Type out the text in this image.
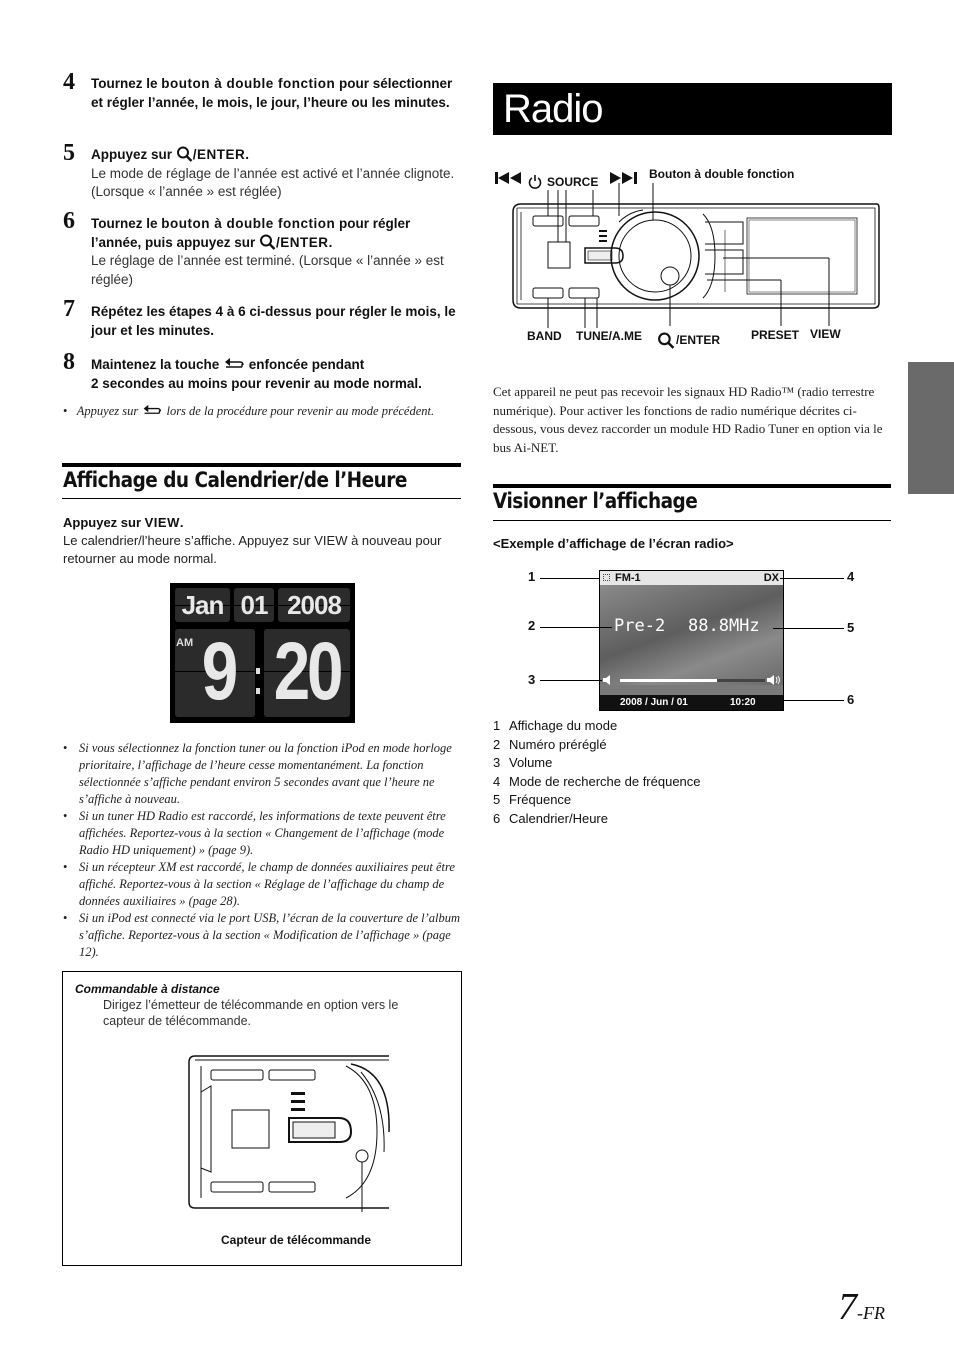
4 Tournez le bouton à double fonction pour sélectionner et régler l’année, le mois, le jour, l’heure ou les minutes.
5 Appuyez sur /ENTER.
Le mode de réglage de l’année est activé et l’année clignote. (Lorsque « l’année » est réglée)
6 Tournez le bouton à double fonction pour régler l’année, puis appuyez sur /ENTER.
Le réglage de l’année est terminé. (Lorsque « l’année » est réglée)
7 Répétez les étapes 4 à 6 ci-dessus pour régler le mois, le jour et les minutes.
8 Maintenez la touche  enfoncée pendant
2 secondes au moins pour revenir au mode normal.
• Appuyez sur  lors de la procédure pour revenir au mode précédent.
Affichage du Calendrier/de l’Heure
Appuyez sur VIEW.
Le calendrier/l’heure s’affiche. Appuyez sur VIEW à nouveau pour retourner au mode normal.
Jan 01 2008
AM 9 20
• Si vous sélectionnez la fonction tuner ou la fonction iPod en mode horloge prioritaire, l’affichage de l’heure cesse momentanément. La fonction sélectionnée s’affiche pendant environ 5 secondes avant que l’heure ne s’affiche à nouveau.
• Si un tuner HD Radio est raccordé, les informations de texte peuvent être affichées. Reportez-vous à la section « Changement de l’affichage (mode Radio HD uniquement) » (page 9).
• Si un récepteur XM est raccordé, le champ de données auxiliaires peut être affiché. Reportez-vous à la section « Réglage de l’affichage du champ de données auxiliaires » (page 28).
• Si un iPod est connecté via le port USB, l’écran de la couverture de l’album s’affiche. Reportez-vous à la section « Modification de l’affichage » (page 12).
Commandable à distance
Dirigez l’émetteur de télécommande en option vers le capteur de télécommande.
Capteur de télécommande
Radio
SOURCE
Bouton à double fonction
BAND TUNE/A.ME	/ENTER	PRESET VIEW
Cet appareil ne peut pas recevoir les signaux HD Radio™ (radio terrestre numérique). Pour activer les fonctions de radio numérique décrites ci-dessous, vous devez raccorder un module HD Radio Tuner en option via le bus Ai-NET.
Visionner l’affichage
<Exemple d’affichage de l’écran radio>
FM-1	DX
Pre-2 88.8MHz
2008 / Jun / 01	10:20
1
2
3
4
5
6
1 Affichage du mode
2 Numéro préréglé
3 Volume
4 Mode de recherche de fréquence
5 Fréquence
6 Calendrier/Heure
7-FR
